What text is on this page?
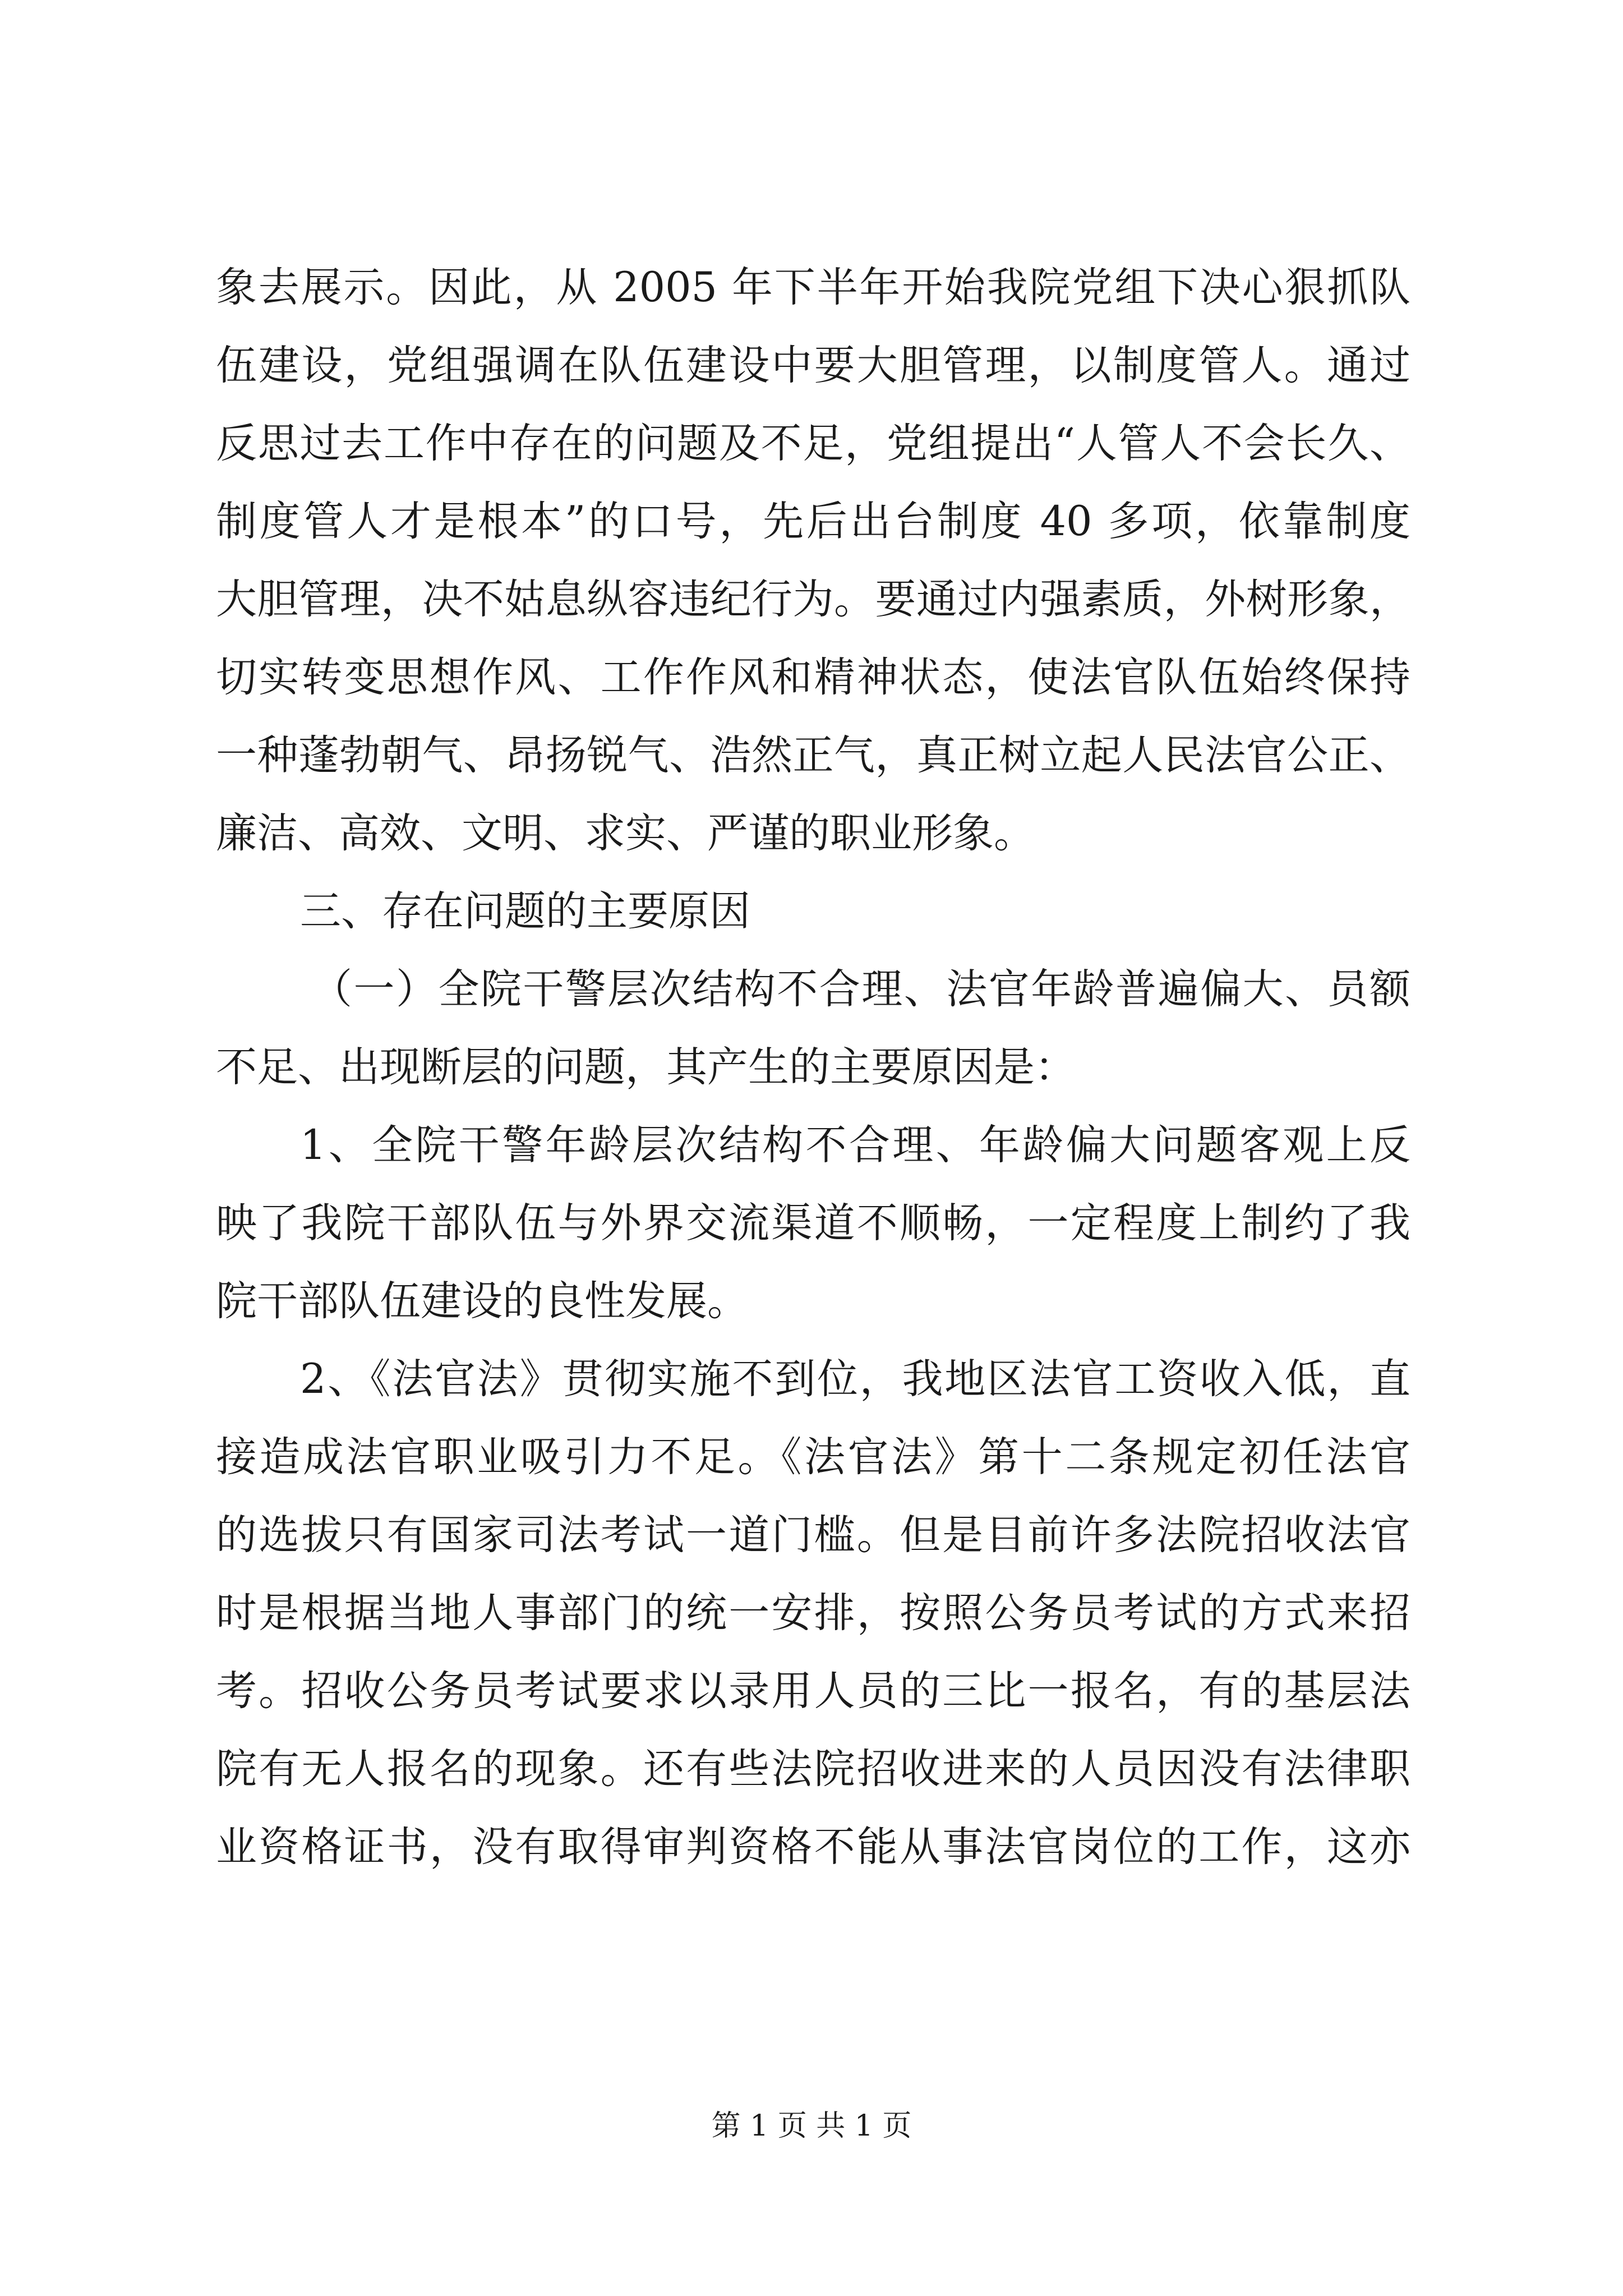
象去展示。因此，从 2005 年下半年开始我院党组下决心狠抓队
伍建设，党组强调在队伍建设中要大胆管理，以制度管人。通过
反思过去工作中存在的问题及不足，党组提出“人管人不会长久、
制度管人才是根本”的口号，先后出台制度 40 多项，依靠制度
大胆管理，决不姑息纵容违纪行为。要通过内强素质，外树形象，
切实转变思想作风、工作作风和精神状态，使法官队伍始终保持
一种蓬勃朝气、昂扬锐气、浩然正气，真正树立起人民法官公正、
廉洁、高效、文明、求实、严谨的职业形象。
三、存在问题的主要原因
（一）全院干警层次结构不合理、法官年龄普遍偏大、员额
不足、出现断层的问题，其产生的主要原因是：
1、全院干警年龄层次结构不合理、年龄偏大问题客观上反
映了我院干部队伍与外界交流渠道不顺畅，一定程度上制约了我
院干部队伍建设的良性发展。
2、《法官法》贯彻实施不到位，我地区法官工资收入低，直
接造成法官职业吸引力不足。《法官法》第十二条规定初任法官
的选拔只有国家司法考试一道门槛。但是目前许多法院招收法官
时是根据当地人事部门的统一安排，按照公务员考试的方式来招
考。招收公务员考试要求以录用人员的三比一报名，有的基层法
院有无人报名的现象。还有些法院招收进来的人员因没有法律职
业资格证书，没有取得审判资格不能从事法官岗位的工作，这亦
第 1 页 共 1 页
